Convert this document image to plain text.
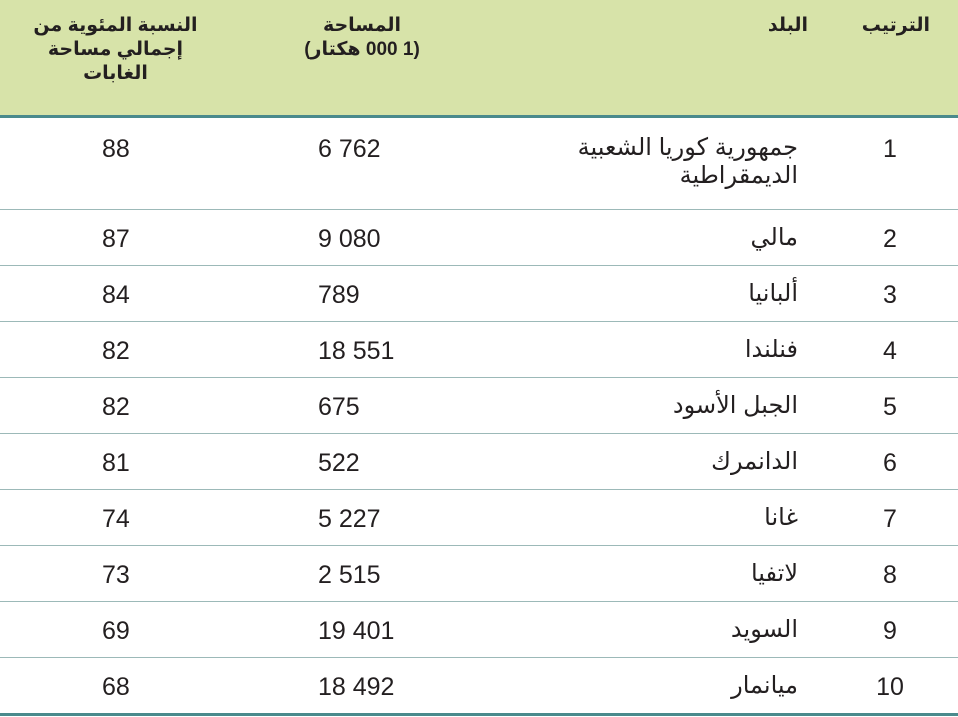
الترتيب
البلد
المساحة
(1 000 هكتار)
النسبة المئوية من
إجمالي مساحة
الغابات
1
جمهورية كوريا الشعبية الديمقراطية
6 762
88
2
مالي
9 080
87
3
ألبانيا
789
84
4
فنلندا
18 551
82
5
الجبل الأسود
675
82
6
الدانمرك
522
81
7
غانا
5 227
74
8
لاتفيا
2 515
73
9
السويد
19 401
69
10
ميانمار
18 492
68
